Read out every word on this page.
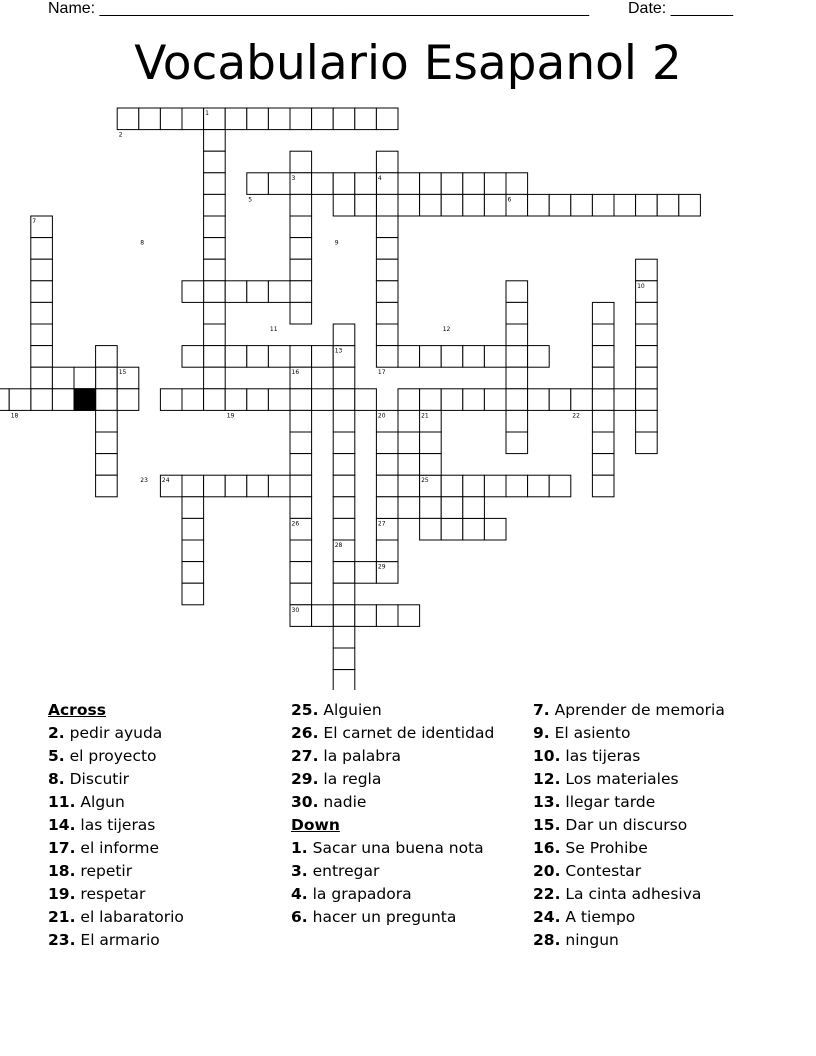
Name: _______________________________________________________ Date: _______
Vocabulario Esapanol 2
1
2
3	4
5	6
7
8	9
10
11	12
13
15	16	17
18	19	20	21	22
23 24	25
26	27
28
29
30
Across
2. pedir ayuda
5. el proyecto
8. Discutir
11. Algun
14. las tijeras
17. el informe
18. repetir
19. respetar
21. el labaratorio
23. El armario
25. Alguien
26. El carnet de identidad
27. la palabra
29. la regla
30. nadie
Down
1. Sacar una buena nota
3. entregar
4. la grapadora
6. hacer un pregunta
7. Aprender de memoria
9. El asiento
10. las tijeras
12. Los materiales
13. llegar tarde
15. Dar un discurso
16. Se Prohibe
20. Contestar
22. La cinta adhesiva
24. A tiempo
28. ningun
